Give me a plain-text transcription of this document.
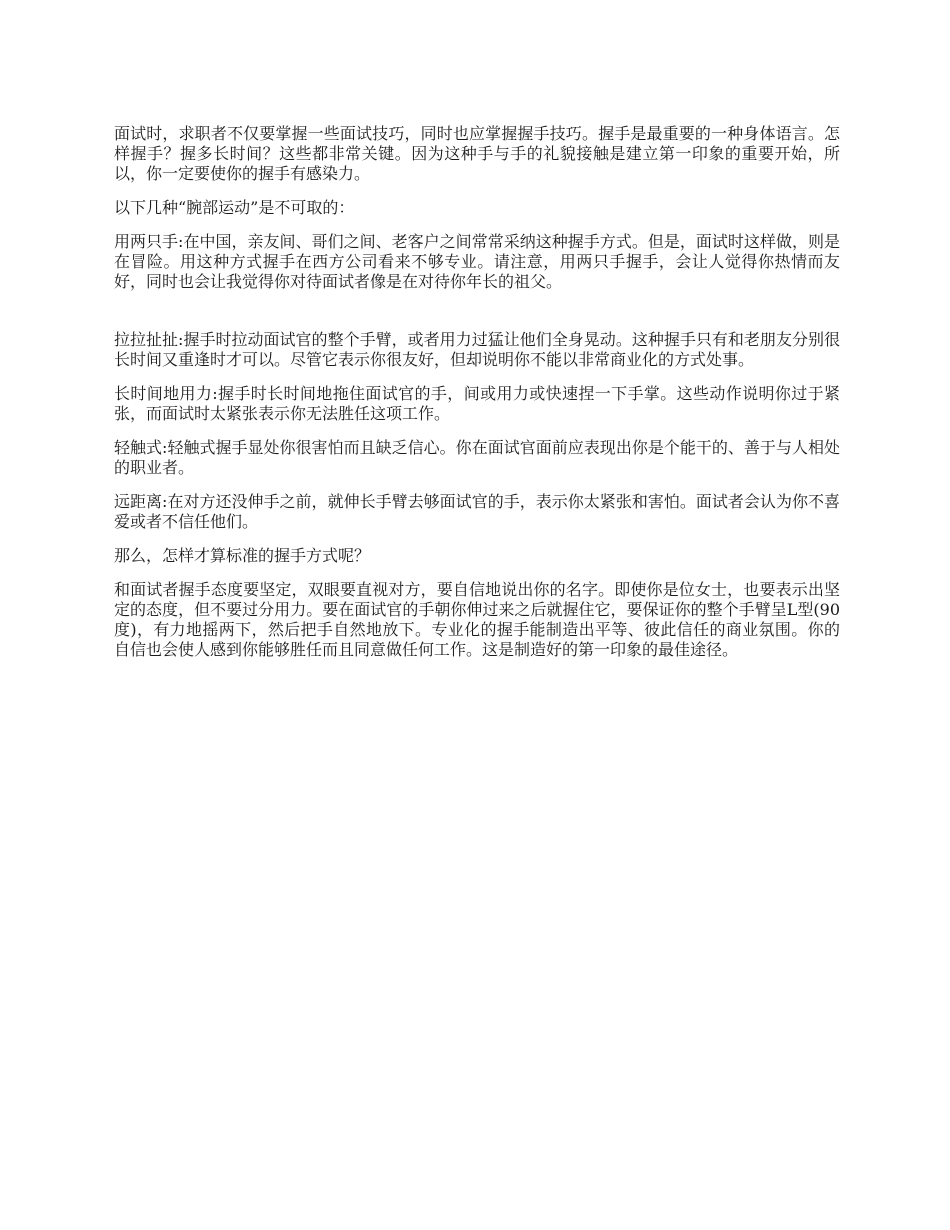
面试时，求职者不仅要掌握一些面试技巧，同时也应掌握握手技巧。握手是最重要的一种身体语言。怎样握手？握多长时间？这些都非常关键。因为这种手与手的礼貌接触是建立第一印象的重要开始，所以，你一定要使你的握手有感染力。

以下几种“腕部运动”是不可取的：

用两只手:在中国，亲友间、哥们之间、老客户之间常常采纳这种握手方式。但是，面试时这样做，则是在冒险。用这种方式握手在西方公司看来不够专业。请注意，用两只手握手，会让人觉得你热情而友好，同时也会让我觉得你对待面试者像是在对待你年长的祖父。

拉拉扯扯:握手时拉动面试官的整个手臂，或者用力过猛让他们全身晃动。这种握手只有和老朋友分别很长时间又重逢时才可以。尽管它表示你很友好，但却说明你不能以非常商业化的方式处事。

长时间地用力:握手时长时间地拖住面试官的手，间或用力或快速捏一下手掌。这些动作说明你过于紧张，而面试时太紧张表示你无法胜任这项工作。

轻触式:轻触式握手显处你很害怕而且缺乏信心。你在面试官面前应表现出你是个能干的、善于与人相处的职业者。

远距离:在对方还没伸手之前，就伸长手臂去够面试官的手，表示你太紧张和害怕。面试者会认为你不喜爱或者不信任他们。

那么，怎样才算标准的握手方式呢？

和面试者握手态度要坚定，双眼要直视对方，要自信地说出你的名字。即使你是位女士，也要表示出坚定的态度，但不要过分用力。要在面试官的手朝你伸过来之后就握住它，要保证你的整个手臂呈L型(90度)，有力地摇两下，然后把手自然地放下。专业化的握手能制造出平等、彼此信任的商业氛围。你的自信也会使人感到你能够胜任而且同意做任何工作。这是制造好的第一印象的最佳途径。
